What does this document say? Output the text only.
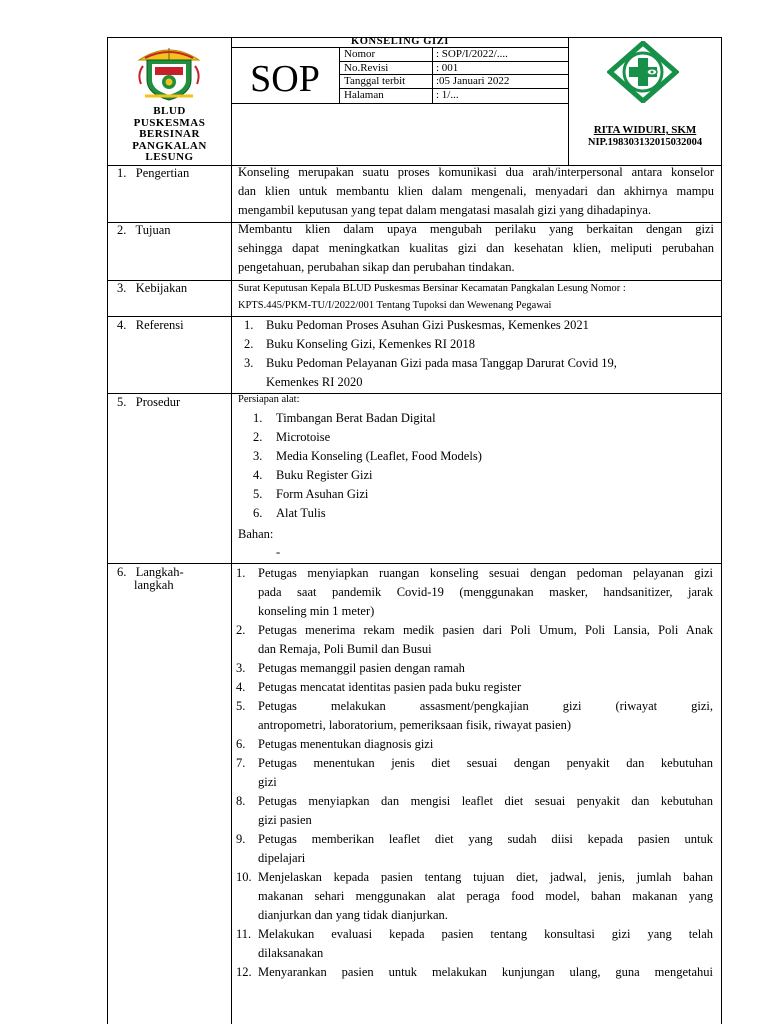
BLUD
PUSKESMAS
BERSINAR
PANGKALAN
LESUNG
KONSELING GIZI
SOP
Nomor	: SOP/I/2022/....
No.Revisi	: 001
Tanggal terbit	:05 Januari 2022
Halaman	: 1/...
RITA WIDURI, SKM
NIP.198303132015032004
1.   Pengertian	Konseling merupakan suatu proses komunikasi dua arah/interpersonal antara konselor
dan klien untuk membantu klien dalam mengenali, menyadari dan akhirnya mampu
mengambil keputusan yang tepat dalam mengatasi masalah gizi yang dihadapinya.
2.   Tujuan	Membantu klien dalam upaya mengubah perilaku yang berkaitan dengan gizi
sehingga dapat meningkatkan kualitas gizi dan kesehatan klien, meliputi perubahan
pengetahuan, perubahan sikap dan perubahan tindakan.
3.   Kebijakan	Surat Keputusan Kepala BLUD Puskesmas Bersinar Kecamatan Pangkalan Lesung Nomor :
KPTS.445/PKM-TU/I/2022/001 Tentang Tupoksi dan Wewenang Pegawai
4.   Referensi	1. Buku Pedoman Proses Asuhan Gizi Puskesmas, Kemenkes 2021
2. Buku Konseling Gizi, Kemenkes RI 2018
3. Buku Pedoman Pelayanan Gizi pada masa Tanggap Darurat Covid 19,
Kemenkes RI 2020
5.   Prosedur	Persiapan alat:
1. Timbangan Berat Badan Digital
2. Microtoise
3. Media Konseling (Leaflet, Food Models)
4. Buku Register Gizi
5. Form Asuhan Gizi
6. Alat Tulis
Bahan:
-
6.   Langkah-
langkah
1. Petugas menyiapkan ruangan konseling sesuai dengan pedoman pelayanan gizi
pada saat pandemik Covid-19 (menggunakan masker, handsanitizer, jarak
konseling min 1 meter)
2. Petugas menerima rekam medik pasien dari Poli Umum, Poli Lansia, Poli Anak
dan Remaja, Poli Bumil dan Busui
3. Petugas memanggil pasien dengan ramah
4. Petugas mencatat identitas pasien pada buku register
5. Petugas melakukan assasment/pengkajian gizi (riwayat gizi,
antropometri, laboratorium, pemeriksaan fisik, riwayat pasien)
6. Petugas menentukan diagnosis gizi
7. Petugas menentukan jenis diet sesuai dengan penyakit dan kebutuhan
gizi
8. Petugas menyiapkan dan mengisi leaflet diet sesuai penyakit dan kebutuhan
gizi pasien
9. Petugas memberikan leaflet diet yang sudah diisi kepada pasien untuk
dipelajari
10. Menjelaskan kepada pasien tentang tujuan diet, jadwal, jenis, jumlah bahan
makanan sehari menggunakan alat peraga food model, bahan makanan yang
dianjurkan dan yang tidak dianjurkan.
11. Melakukan evaluasi kepada pasien tentang konsultasi gizi yang telah
dilaksanakan
12. Menyarankan pasien untuk melakukan kunjungan ulang, guna mengetahui
